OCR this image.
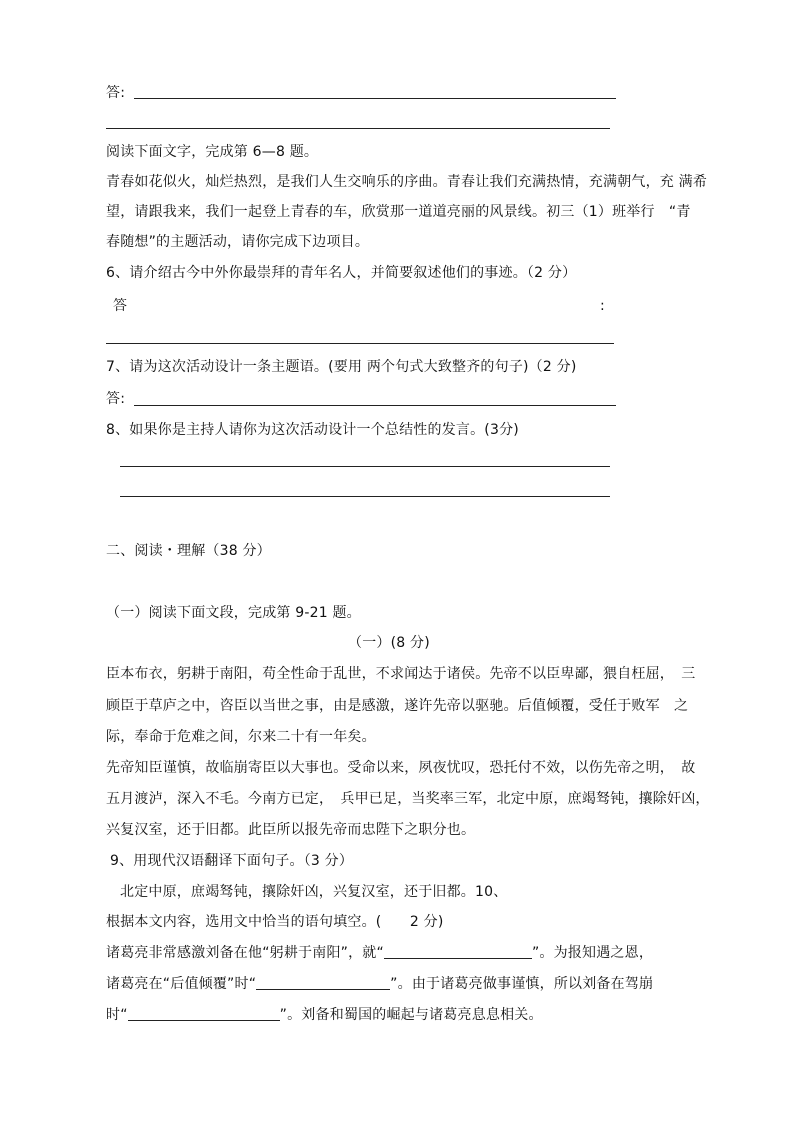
答:
阅读下面文字，完成第 6—8 题。
青春如花似火，灿烂热烈，是我们人生交响乐的序曲。青春让我们充满热情，充满朝气，充 满希
望，请跟我来，我们一起登上青春的车，欣赏那一道道亮丽的风景线。初三（1）班举行　“青
春随想”的主题活动，请你完成下边项目。
6、请介绍古今中外你最崇拜的青年名人，并简要叙述他们的事迹。（2 分）
答	:
7、请为这次活动设计一条主题语。(要用 两个句式大致整齐的句子)（2 分)
答:
8、如果你是主持人请你为这次活动设计一个总结性的发言。(3分)
二、阅读・理解（38 分）
（一）阅读下面文段，完成第 9-21 题。
（一）(8 分)
臣本布衣，躬耕于南阳，苟全性命于乱世，不求闻达于诸侯。先帝不以臣卑鄙，猥自枉屈，　三
顾臣于草庐之中，咨臣以当世之事，由是感激，遂许先帝以驱驰。后值倾覆，受任于败军　之
际，奉命于危难之间，尔来二十有一年矣。
先帝知臣谨慎，故临崩寄臣以大事也。受命以来，夙夜忧叹，恐托付不效，以伤先帝之明，　故
五月渡泸，深入不毛。今南方已定，　兵甲已足，当奖率三军，北定中原，庶竭驽钝，攘除奸凶，
兴复汉室，还于旧都。此臣所以报先帝而忠陛下之职分也。
9、用现代汉语翻译下面句子。（3 分）
北定中原，庶竭驽钝，攘除奸凶，兴复汉室，还于旧都。10、
根据本文内容，选用文中恰当的语句填空。(　　2 分)
诸葛亮非常感激刘备在他“躬耕于南阳”，就“	”。为报知遇之恩，
诸葛亮在“后值倾覆”时“	”。由于诸葛亮做事谨慎，所以刘备在驾崩
时“	”。刘备和蜀国的崛起与诸葛亮息息相关。
